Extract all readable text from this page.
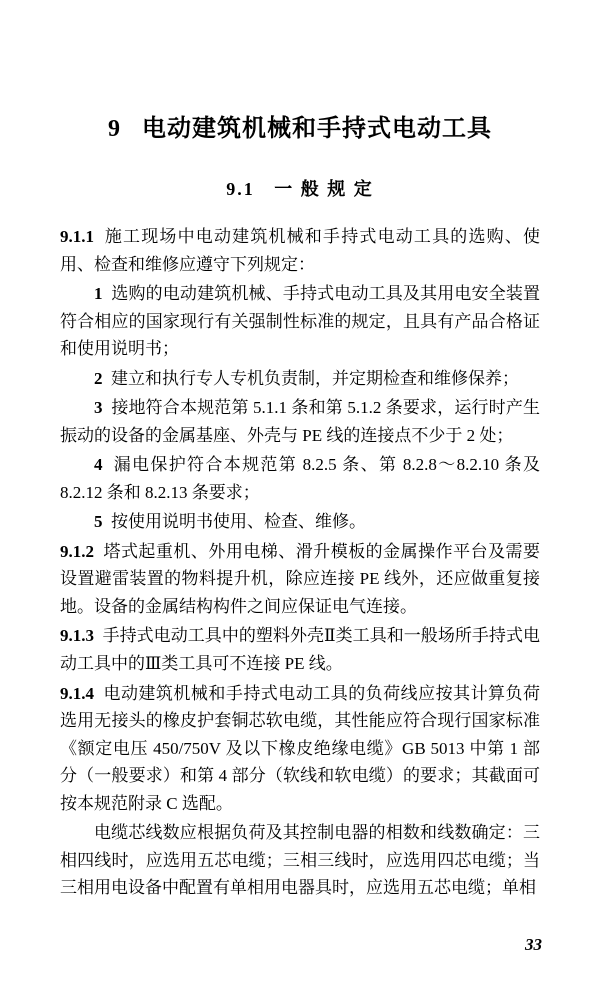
9   电动建筑机械和手持式电动工具
9.1   一 般 规 定

9.1.1 施工现场中电动建筑机械和手持式电动工具的选购、使用、检查和维修应遵守下列规定：

1 选购的电动建筑机械、手持式电动工具及其用电安全装置符合相应的国家现行有关强制性标准的规定，且具有产品合格证和使用说明书；

2 建立和执行专人专机负责制，并定期检查和维修保养；

3 接地符合本规范第 5.1.1 条和第 5.1.2 条要求，运行时产生振动的设备的金属基座、外壳与 PE 线的连接点不少于 2 处；

4 漏电保护符合本规范第 8.2.5 条、第 8.2.8～8.2.10 条及 8.2.12 条和 8.2.13 条要求；

5 按使用说明书使用、检查、维修。

9.1.2 塔式起重机、外用电梯、滑升模板的金属操作平台及需要设置避雷装置的物料提升机，除应连接 PE 线外，还应做重复接地。设备的金属结构构件之间应保证电气连接。

9.1.3 手持式电动工具中的塑料外壳Ⅱ类工具和一般场所手持式电动工具中的Ⅲ类工具可不连接 PE 线。

9.1.4 电动建筑机械和手持式电动工具的负荷线应按其计算负荷选用无接头的橡皮护套铜芯软电缆，其性能应符合现行国家标准《额定电压 450/750V 及以下橡皮绝缘电缆》GB 5013 中第 1 部分（一般要求）和第 4 部分（软线和软电缆）的要求；其截面可按本规范附录 C 选配。

电缆芯线数应根据负荷及其控制电器的相数和线数确定：三相四线时，应选用五芯电缆；三相三线时，应选用四芯电缆；当三相用电设备中配置有单相用电器具时，应选用五芯电缆；单相

33
